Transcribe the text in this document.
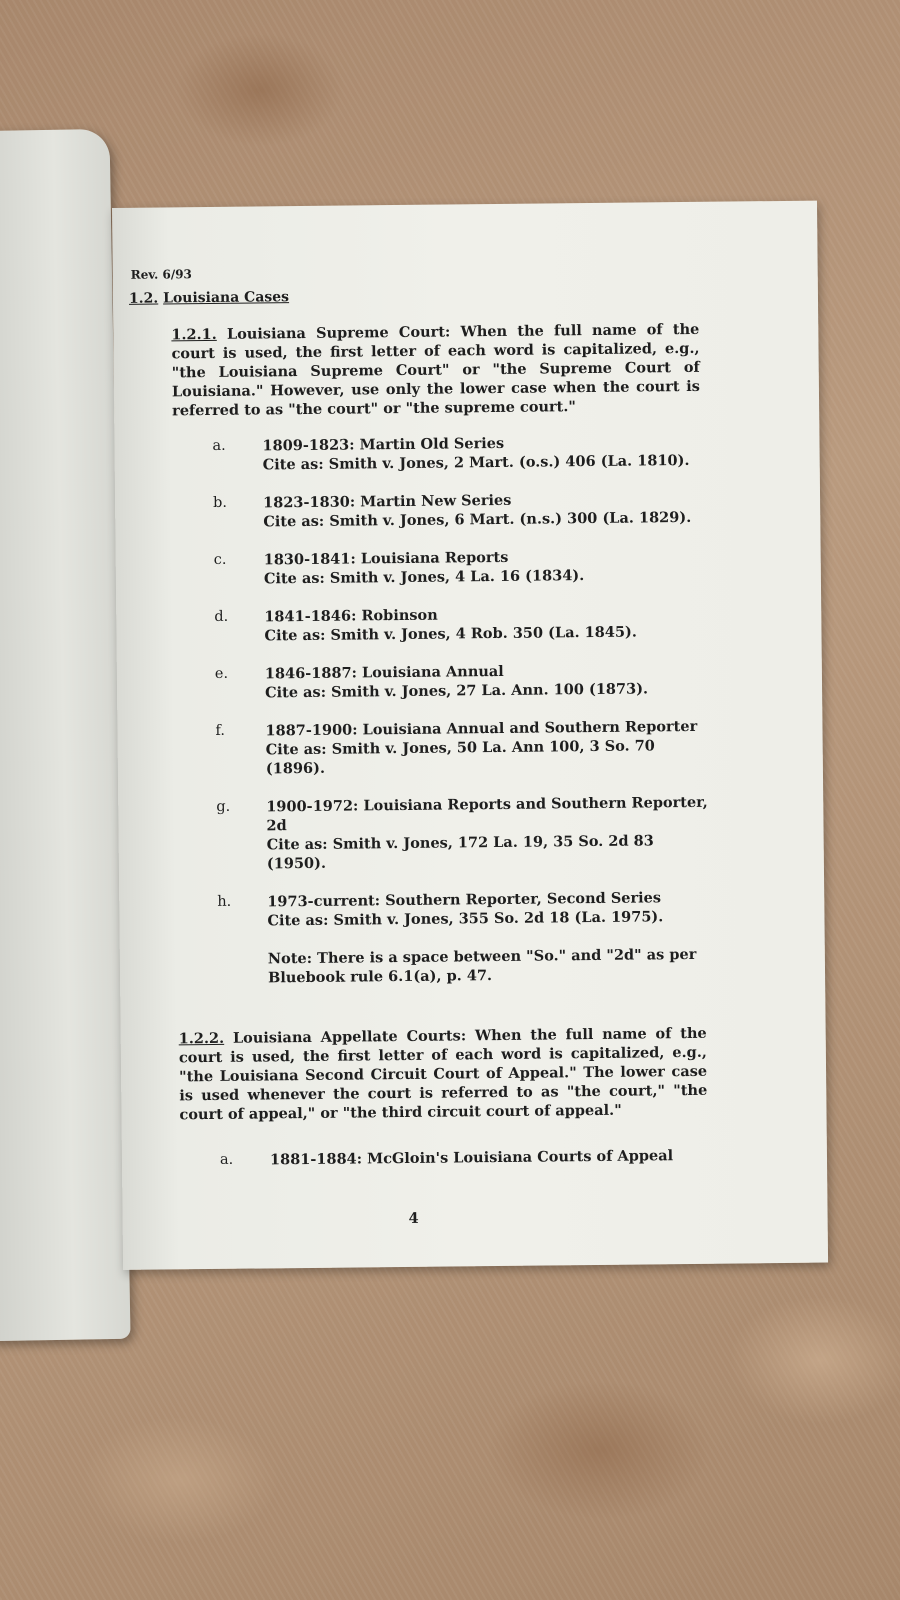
Rev. 6/93
1.2. Louisiana Cases
1.2.1. Louisiana Supreme Court: When the full name of the court is used, the first letter of each word is capitalized, e.g., "the Louisiana Supreme Court" or "the Supreme Court of Louisiana." However, use only the lower case when the court is referred to as "the court" or "the supreme court."
a.	1809-1823: Martin Old Series
Cite as: Smith v. Jones, 2 Mart. (o.s.) 406 (La. 1810).
b.	1823-1830: Martin New Series
Cite as: Smith v. Jones, 6 Mart. (n.s.) 300 (La. 1829).
c.	1830-1841: Louisiana Reports
Cite as: Smith v. Jones, 4 La. 16 (1834).
d.	1841-1846: Robinson
Cite as: Smith v. Jones, 4 Rob. 350 (La. 1845).
e.	1846-1887: Louisiana Annual
Cite as: Smith v. Jones, 27 La. Ann. 100 (1873).
f.	1887-1900: Louisiana Annual and Southern Reporter
Cite as: Smith v. Jones, 50 La. Ann 100, 3 So. 70 (1896).
g.	1900-1972: Louisiana Reports and Southern Reporter, 2d
Cite as: Smith v. Jones, 172 La. 19, 35 So. 2d 83 (1950).
h.	1973-current: Southern Reporter, Second Series
Cite as: Smith v. Jones, 355 So. 2d 18 (La. 1975).
Note: There is a space between "So." and "2d" as per Bluebook rule 6.1(a), p. 47.
1.2.2. Louisiana Appellate Courts: When the full name of the court is used, the first letter of each word is capitalized, e.g., "the Louisiana Second Circuit Court of Appeal." The lower case is used whenever the court is referred to as "the court," "the court of appeal," or "the third circuit court of appeal."
a.	1881-1884: McGloin's Louisiana Courts of Appeal
4
